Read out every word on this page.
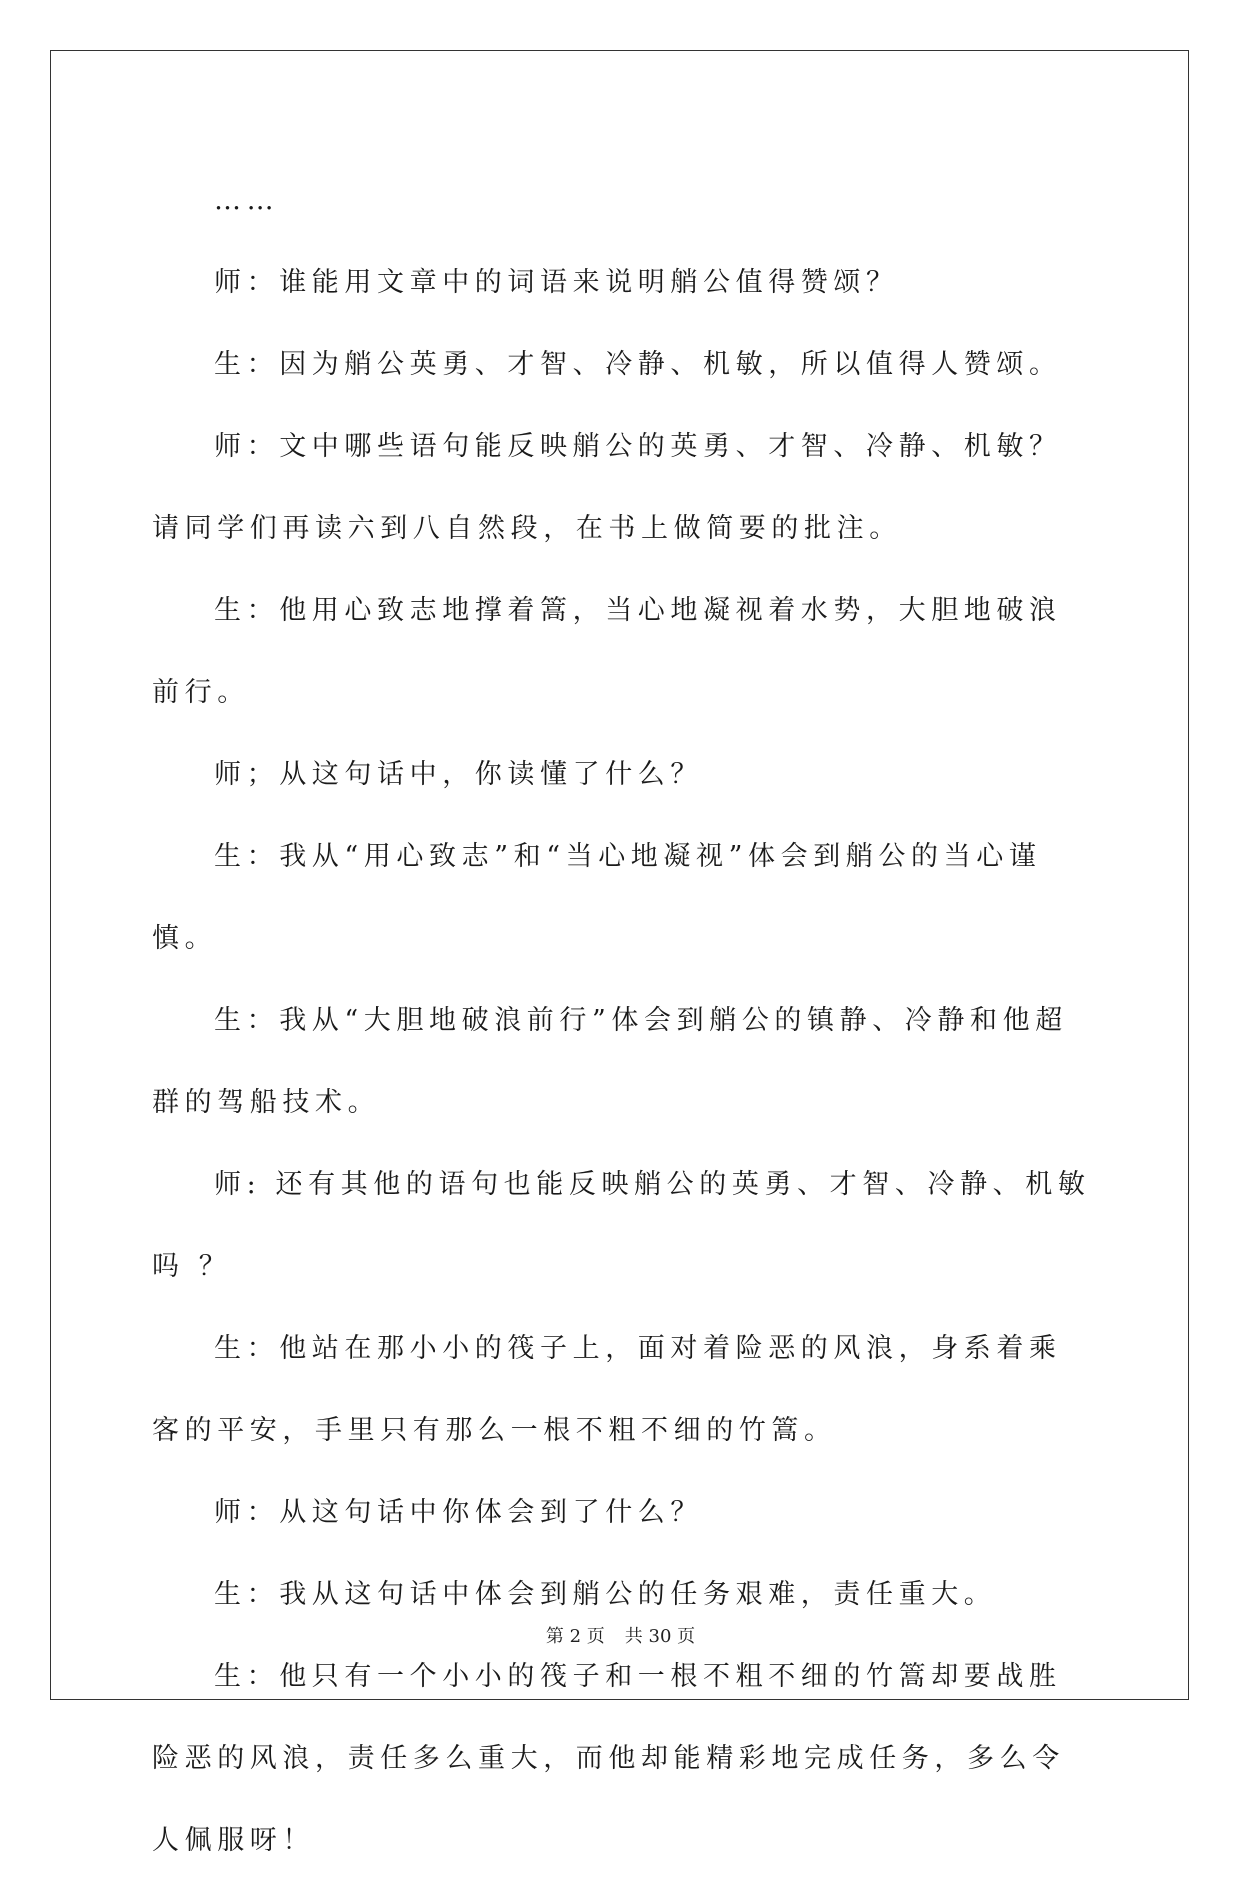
……

师：谁能用文章中的词语来说明艄公值得赞颂？

生：因为艄公英勇、才智、冷静、机敏，所以值得人赞颂。

师：文中哪些语句能反映艄公的英勇、才智、冷静、机敏？请同学们再读六到八自然段，在书上做简要的批注。

生：他用心致志地撑着篙，当心地凝视着水势，大胆地破浪前行。

师；从这句话中，你读懂了什么？

生：我从“用心致志”和“当心地凝视”体会到艄公的当心谨慎。

生：我从“大胆地破浪前行”体会到艄公的镇静、冷静和他超群的驾船技术。

师: 还有其他的语句也能反映艄公的英勇、才智、冷静、机敏吗 ？

生：他站在那小小的筏子上，面对着险恶的风浪，身系着乘客的平安，手里只有那么一根不粗不细的竹篙。

师：从这句话中你体会到了什么？

生：我从这句话中体会到艄公的任务艰难，责任重大。

生：他只有一个小小的筏子和一根不粗不细的竹篙却要战胜险恶的风浪，责任多么重大，而他却能精彩地完成任务，多么令人佩服呀！

第 2 页 共 30 页
